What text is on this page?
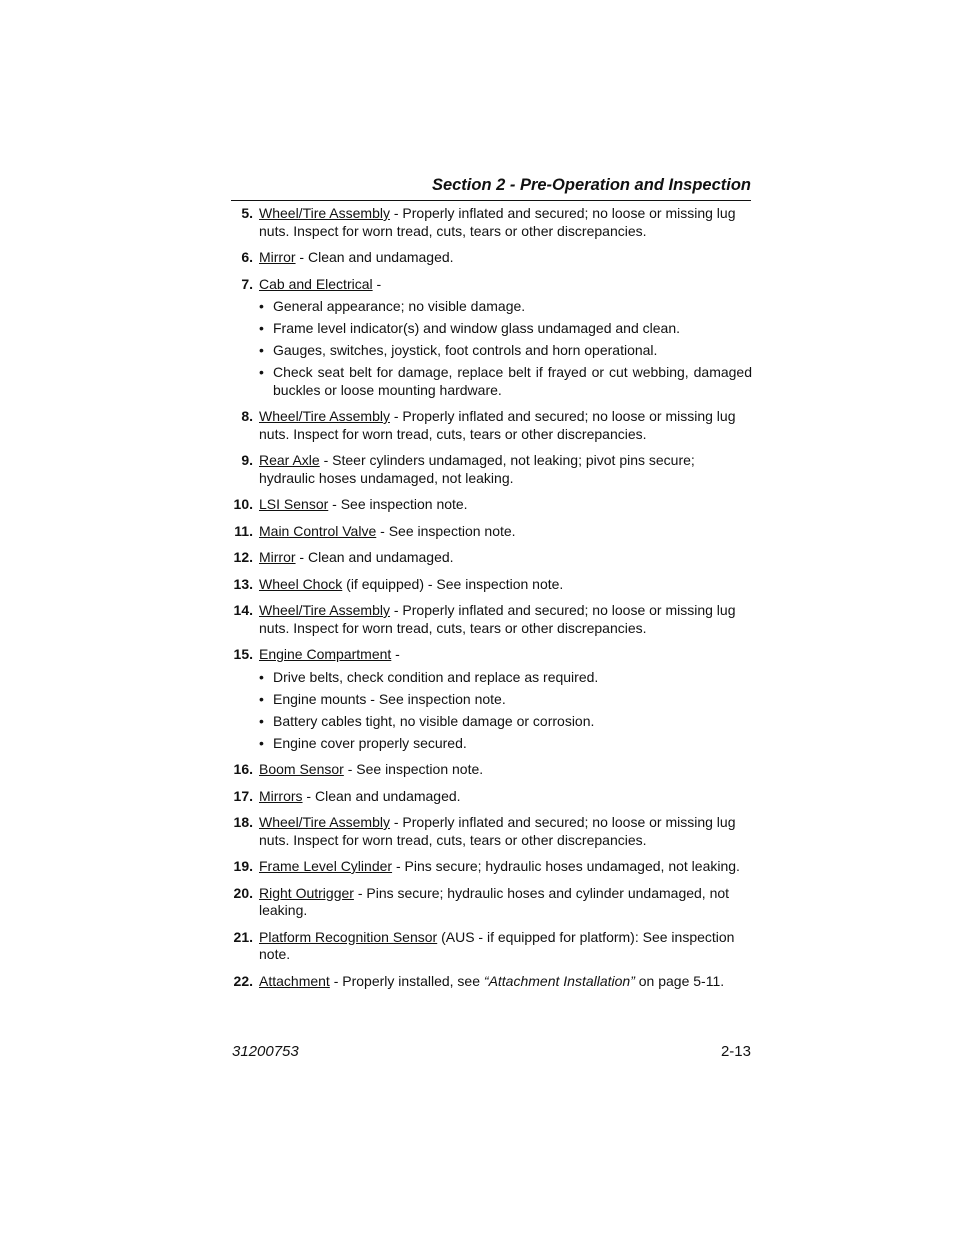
Section 2 - Pre-Operation and Inspection
5. Wheel/Tire Assembly - Properly inflated and secured; no loose or missing lug nuts. Inspect for worn tread, cuts, tears or other discrepancies.
6. Mirror - Clean and undamaged.
7. Cab and Electrical -
• General appearance; no visible damage.
• Frame level indicator(s) and window glass undamaged and clean.
• Gauges, switches, joystick, foot controls and horn operational.
• Check seat belt for damage, replace belt if frayed or cut webbing, damaged buckles or loose mounting hardware.
8. Wheel/Tire Assembly - Properly inflated and secured; no loose or missing lug nuts. Inspect for worn tread, cuts, tears or other discrepancies.
9. Rear Axle - Steer cylinders undamaged, not leaking; pivot pins secure; hydraulic hoses undamaged, not leaking.
10. LSI Sensor - See inspection note.
11. Main Control Valve - See inspection note.
12. Mirror - Clean and undamaged.
13. Wheel Chock (if equipped) - See inspection note.
14. Wheel/Tire Assembly - Properly inflated and secured; no loose or missing lug nuts. Inspect for worn tread, cuts, tears or other discrepancies.
15. Engine Compartment -
• Drive belts, check condition and replace as required.
• Engine mounts - See inspection note.
• Battery cables tight, no visible damage or corrosion.
• Engine cover properly secured.
16. Boom Sensor - See inspection note.
17. Mirrors - Clean and undamaged.
18. Wheel/Tire Assembly - Properly inflated and secured; no loose or missing lug nuts. Inspect for worn tread, cuts, tears or other discrepancies.
19. Frame Level Cylinder - Pins secure; hydraulic hoses undamaged, not leaking.
20. Right Outrigger - Pins secure; hydraulic hoses and cylinder undamaged, not leaking.
21. Platform Recognition Sensor (AUS - if equipped for platform): See inspection note.
22. Attachment - Properly installed, see “Attachment Installation” on page 5-11.
31200753	2-13
